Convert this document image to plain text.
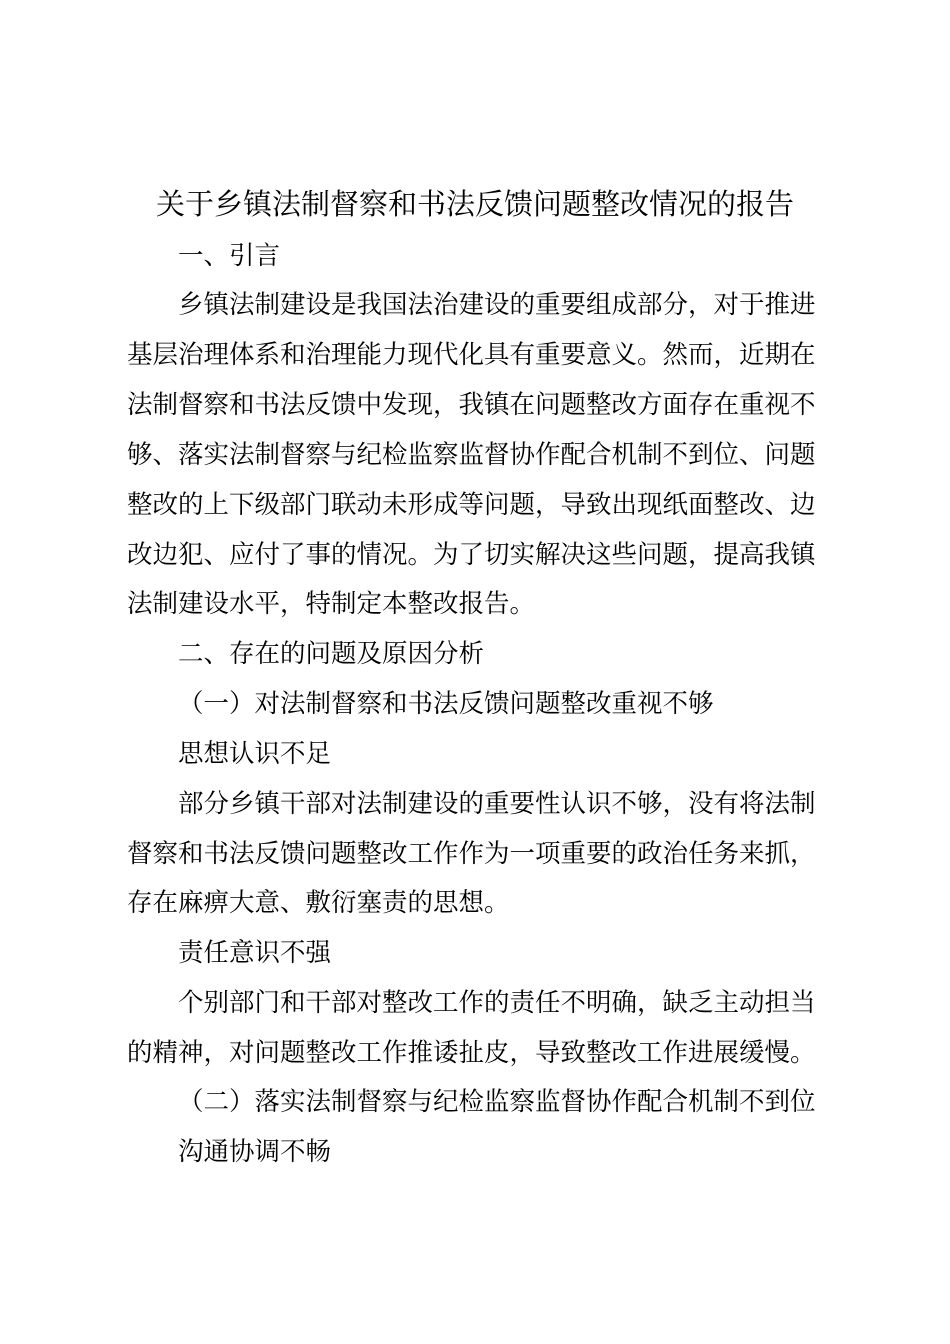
关于乡镇法制督察和书法反馈问题整改情况的报告
一、引言
乡镇法制建设是我国法治建设的重要组成部分，对于推进
基层治理体系和治理能力现代化具有重要意义。然而，近期在
法制督察和书法反馈中发现，我镇在问题整改方面存在重视不
够、落实法制督察与纪检监察监督协作配合机制不到位、问题
整改的上下级部门联动未形成等问题，导致出现纸面整改、边
改边犯、应付了事的情况。为了切实解决这些问题，提高我镇
法制建设水平，特制定本整改报告。
二、存在的问题及原因分析
（一）对法制督察和书法反馈问题整改重视不够
思想认识不足
部分乡镇干部对法制建设的重要性认识不够，没有将法制
督察和书法反馈问题整改工作作为一项重要的政治任务来抓，
存在麻痹大意、敷衍塞责的思想。
责任意识不强
个别部门和干部对整改工作的责任不明确，缺乏主动担当
的精神，对问题整改工作推诿扯皮，导致整改工作进展缓慢。
（二）落实法制督察与纪检监察监督协作配合机制不到位
沟通协调不畅
